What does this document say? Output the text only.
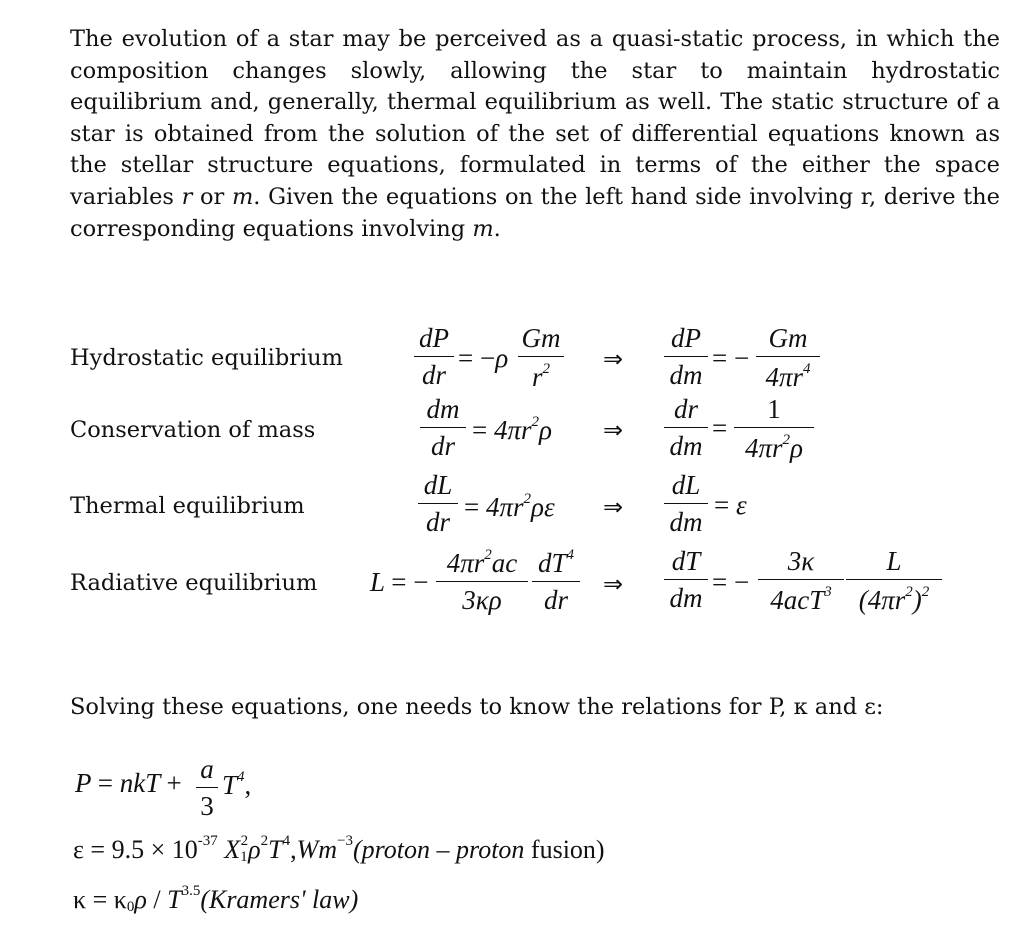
The evolution of a star may be perceived as a quasi-static process, in which the composition changes slowly, allowing the star to maintain hydrostatic equilibrium and, generally, thermal equilibrium as well. The static structure of a star is obtained from the solution of the set of differential equations known as the stellar structure equations, formulated in terms of the either the space variables r or m. Given the equations on the left hand side involving r, derive the corresponding equations involving m.

Hydrostatic equilibrium
Conservation of mass
Thermal equilibrium
Radiative equilibrium
dP
dr
= −ρ
Gm
$r^2$	⇒
dP
dm
= −
Gm
$4\pi r^4$
dm
dr
= $4\pi r^2\rho$ ⇒
dr
dm
=
1
$4\pi r^2\rho$
dL
dr = $4\pi r^2\rho\varepsilon$ ⇒
dL
dm
= ε
L = −
$4\pi r^2ac$
3κρ
$dT^4$
dr
⇒
dT
dm
= −
3κ
4acT$^3$
L
$(4\pi r^2)^2$
Solving these equations, one needs to know the relations for P, κ and ε:
P = nkT + a
3
$T^4$,
$\varepsilon = 9.5 \times 10^{-37}$ $X_1^2\rho^2T^4,Wm^{-3}(proton$ – proton fusion)
$\kappa = \kappa_0\rho$ / $T^{3.5}(Kramers'$ law)
